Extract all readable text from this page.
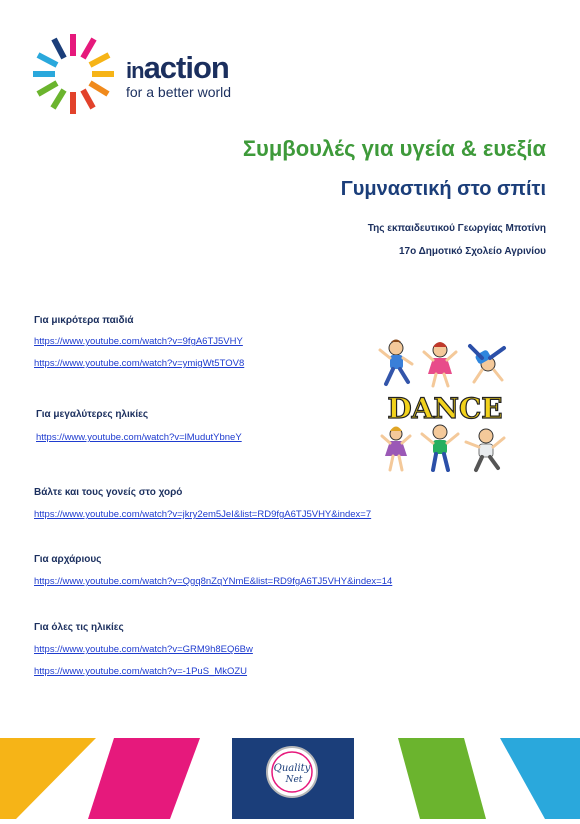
inaction
for a better world
Συμβουλές για υγεία & ευεξία
Γυμναστική στο σπίτι
Της εκπαιδευτικού Γεωργίας Μποτίνη
17ο Δημοτικό Σχολείο Αγρινίου
Για μικρότερα παιδιά
https://www.youtube.com/watch?v=9fgA6TJ5VHY
https://www.youtube.com/watch?v=ymigWt5TOV8
Για μεγαλύτερες ηλικίες
https://www.youtube.com/watch?v=lMudutYbneY
Βάλτε και τους γονείς στο χορό
https://www.youtube.com/watch?v=jkry2em5JeI&list=RD9fgA6TJ5VHY&index=7
Για αρχάριους
https://www.youtube.com/watch?v=Qgq8nZqYNmE&list=RD9fgA6TJ5VHY&index=14
Για όλες τις ηλικίες
https://www.youtube.com/watch?v=GRM9h8EQ6Bw
https://www.youtube.com/watch?v=-1PuS_MkOZU
DANCE
Quality
Net
